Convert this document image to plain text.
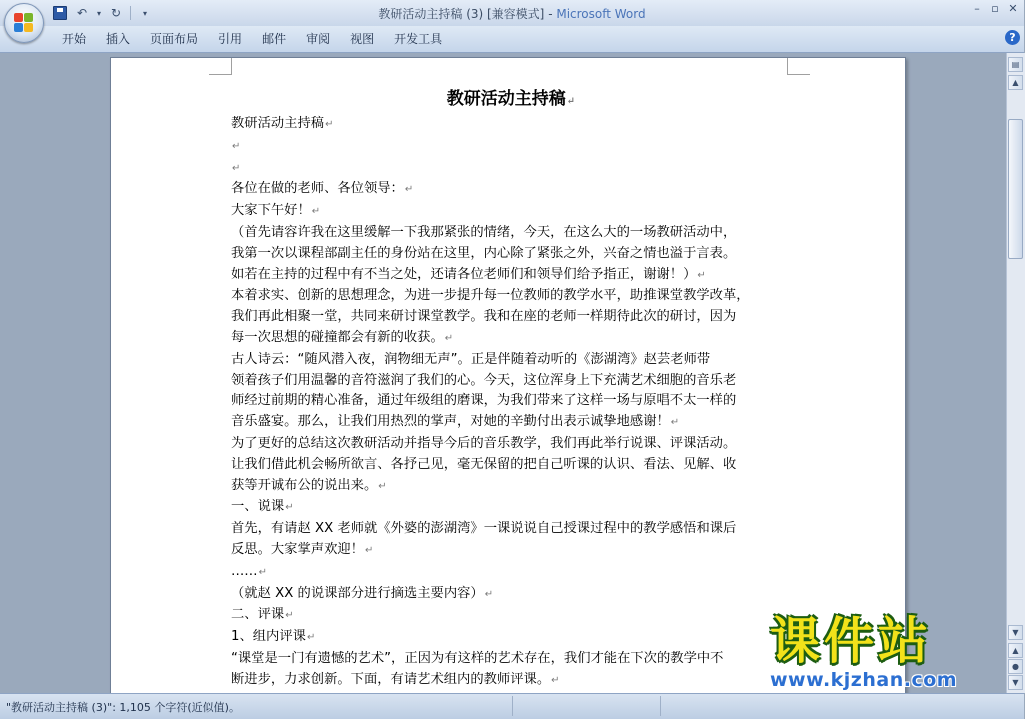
↶	▾ ↻	▾	教研活动主持稿 (3) [兼容模式] - Microsoft Word	–	▫ ✕
开始	插入	页面布局	引用	邮件	审阅	视图	开发工具	?
教研活动主持稿↵
教研活动主持稿↵
↵
↵
各位在做的老师、各位领导：↵
大家下午好！↵
（首先请容许我在这里缓解一下我那紧张的情绪，今天，在这么大的一场教研活动中，
我第一次以课程部副主任的身份站在这里，内心除了紧张之外，兴奋之情也溢于言表。
如若在主持的过程中有不当之处，还请各位老师们和领导们给予指正，谢谢！）↵
本着求实、创新的思想理念，为进一步提升每一位教师的教学水平，助推课堂教学改革，
我们再此相聚一堂，共同来研讨课堂教学。我和在座的老师一样期待此次的研讨，因为
每一次思想的碰撞都会有新的收获。↵
古人诗云：“随风潜入夜，润物细无声”。正是伴随着动听的《澎湖湾》赵芸老师带
领着孩子们用温馨的音符滋润了我们的心。今天，这位浑身上下充满艺术细胞的音乐老
师经过前期的精心准备，通过年级组的磨课，为我们带来了这样一场与原唱不太一样的
音乐盛宴。那么，让我们用热烈的掌声，对她的辛勤付出表示诚挚地感谢！↵
为了更好的总结这次教研活动并指导今后的音乐教学，我们再此举行说课、评课活动。
让我们借此机会畅所欲言、各抒己见，毫无保留的把自己听课的认识、看法、见解、收
获等开诚布公的说出来。↵
一、说课↵
首先，有请赵 XX 老师就《外婆的澎湖湾》一课说说自己授课过程中的教学感悟和课后
反思。大家掌声欢迎！↵
……↵
（就赵 XX 的说课部分进行摘选主要内容）↵
二、评课↵
1、组内评课↵
“课堂是一门有遗憾的艺术”，正因为有这样的艺术存在，我们才能在下次的教学中不
断进步，力求创新。下面，有请艺术组内的教师评课。↵
▤
▲
▼
▲
●
▼
"教研活动主持稿 (3)": 1,105 个字符(近似值)。
课件站
www.kjzhan.com
